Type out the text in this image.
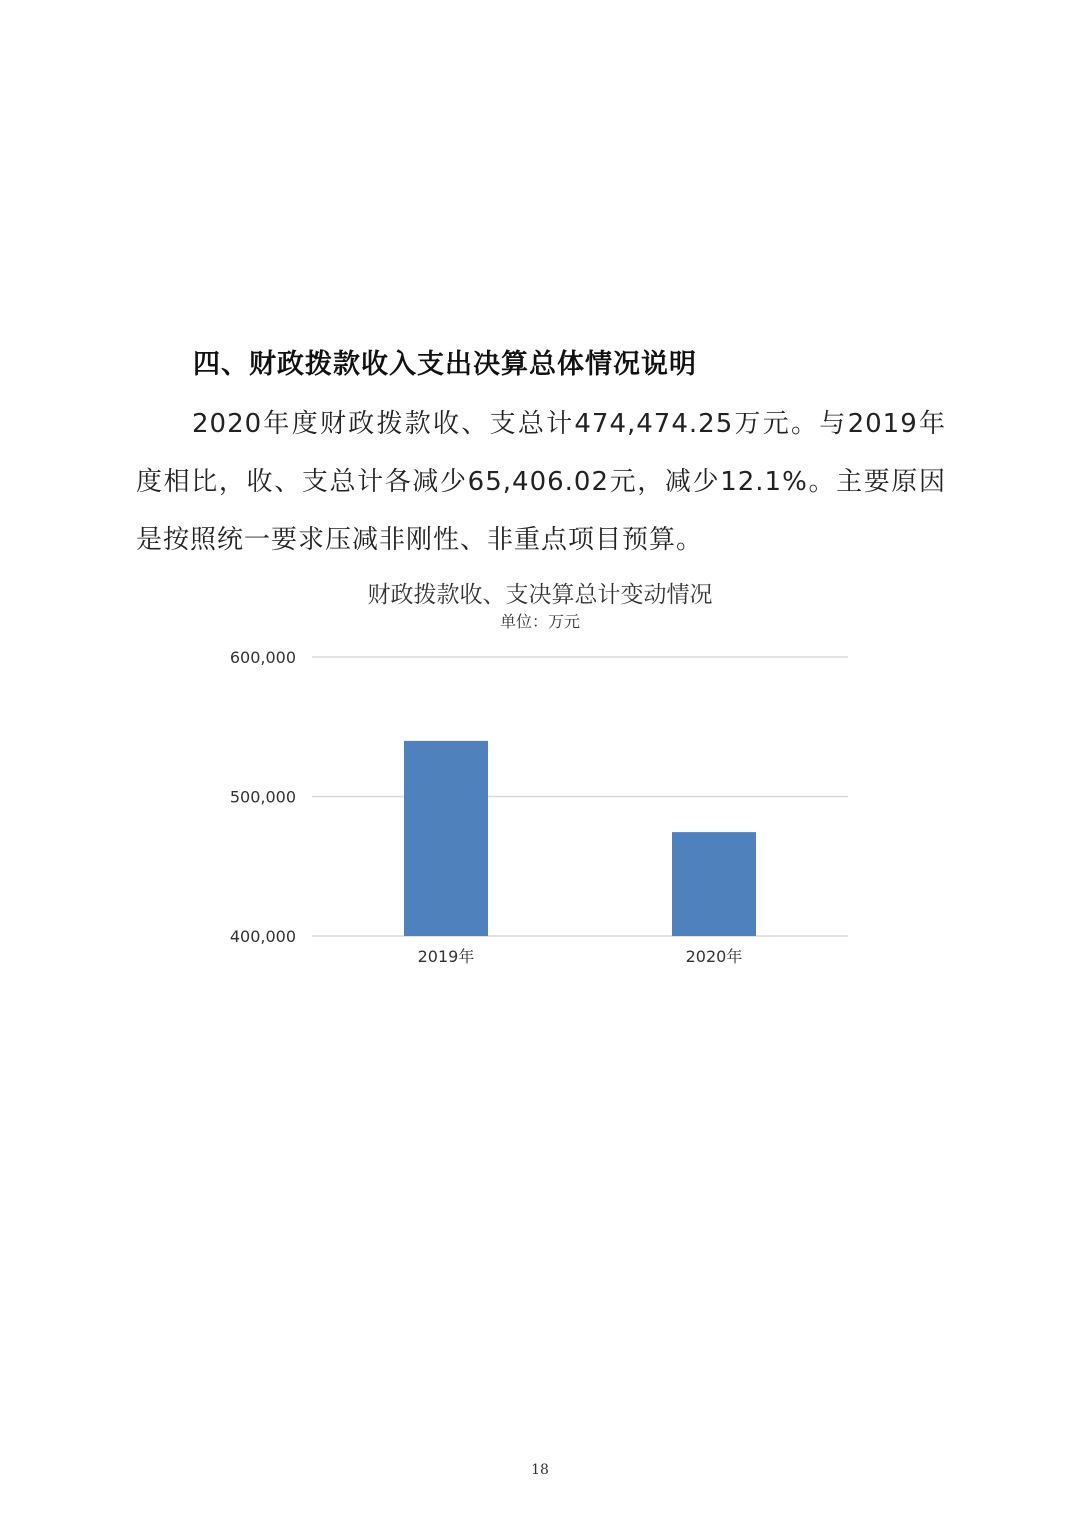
四、财政拨款收入支出决算总体情况说明
2020年度财政拨款收、支总计474,474.25万元。与2019年度相比，收、支总计各减少65,406.02元，减少12.1%。主要原因是按照统一要求压减非刚性、非重点项目预算。
财政拨款收、支决算总计变动情况
单位：万元
400,000
500,000
600,000
2019年	2020年
18
